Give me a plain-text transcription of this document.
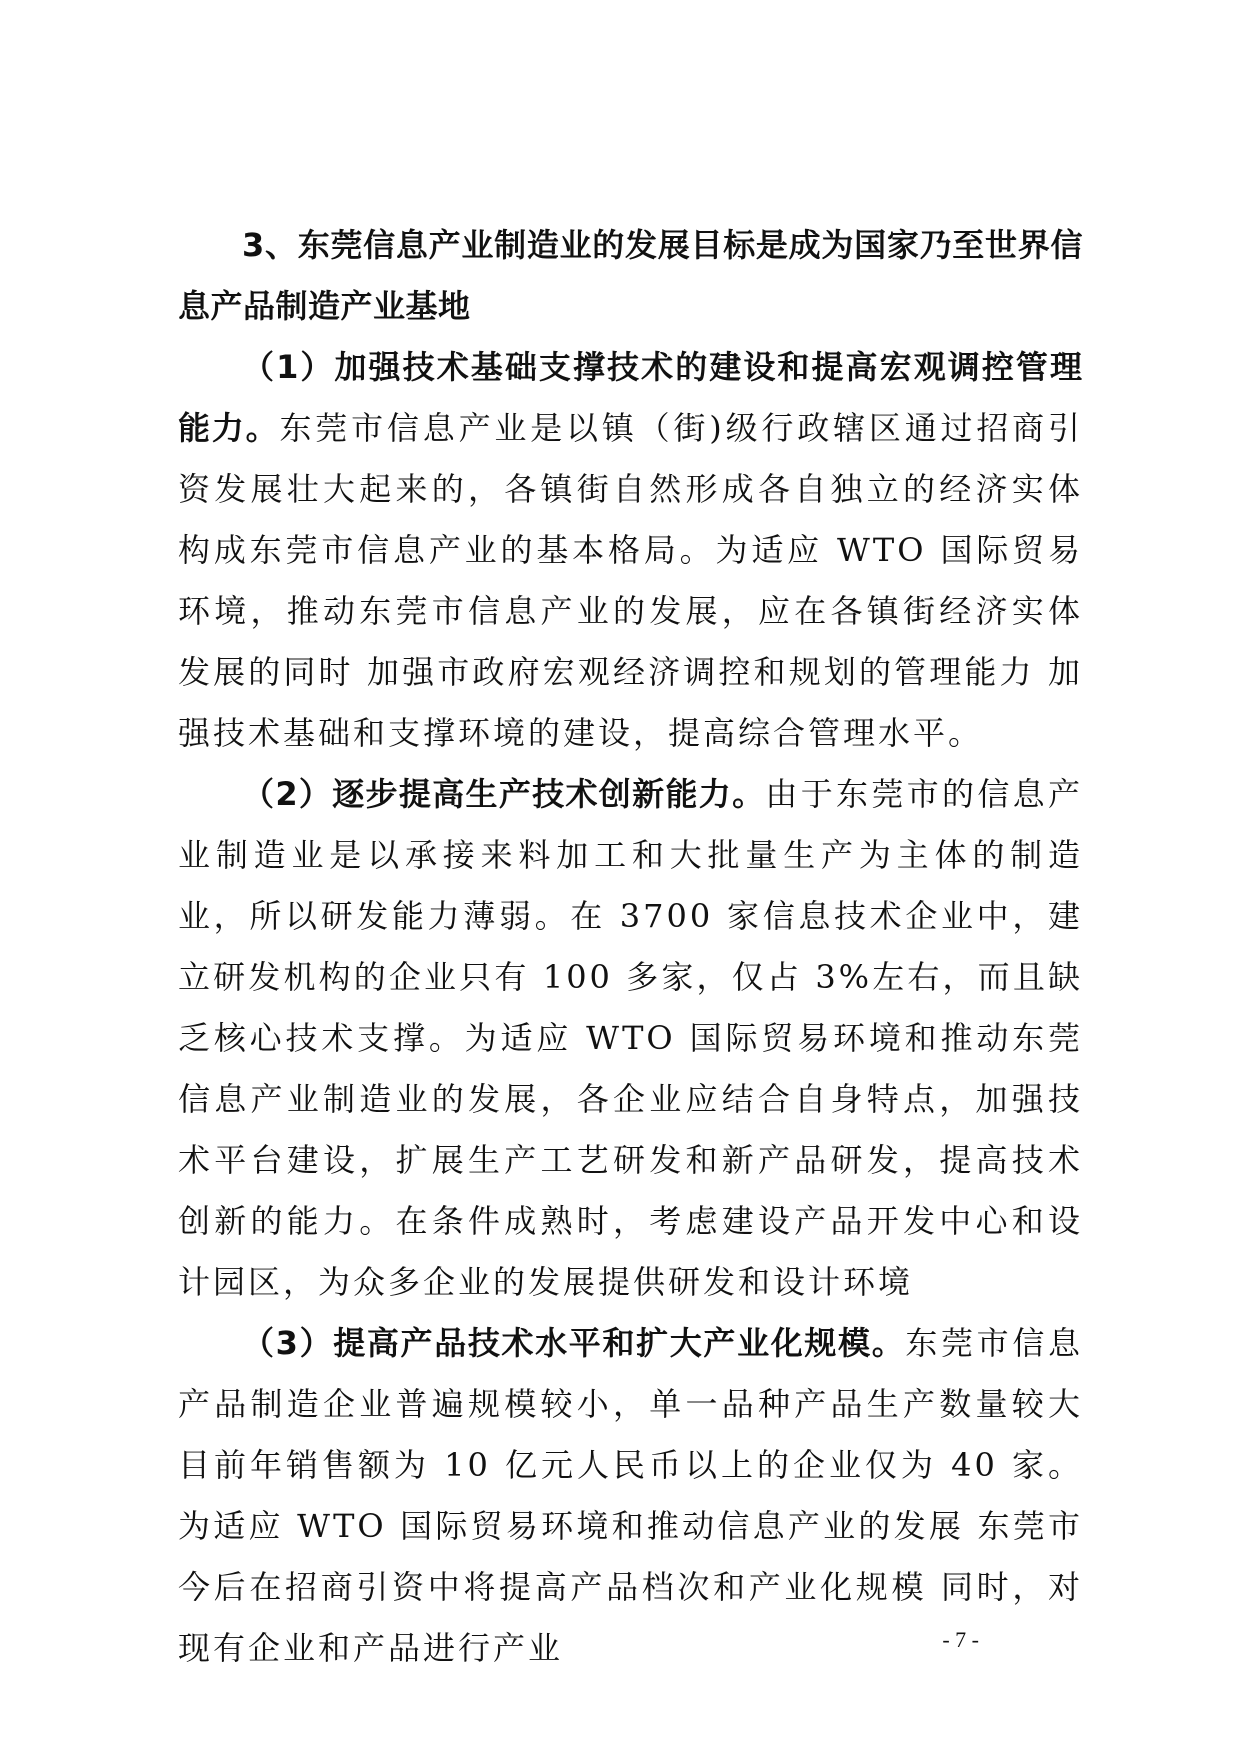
3、东莞信息产业制造业的发展目标是成为国家乃至世界信息产品制造产业基地

（1）加强技术基础支撑技术的建设和提高宏观调控管理能力。东莞市信息产业是以镇（街)级行政辖区通过招商引资发展壮大起来的，各镇街自然形成各自独立的经济实体 构成东莞市信息产业的基本格局。为适应 WTO 国际贸易环境，推动东莞市信息产业的发展，应在各镇街经济实体发展的同时 加强市政府宏观经济调控和规划的管理能力 加强技术基础和支撑环境的建设，提高综合管理水平。

（2）逐步提高生产技术创新能力。由于东莞市的信息产业制造业是以承接来料加工和大批量生产为主体的制造业，所以研发能力薄弱。在 3700 家信息技术企业中，建立研发机构的企业只有 100 多家，仅占 3%左右，而且缺乏核心技术支撑。为适应 WTO 国际贸易环境和推动东莞信息产业制造业的发展，各企业应结合自身特点，加强技术平台建设，扩展生产工艺研发和新产品研发，提高技术创新的能力。在条件成熟时，考虑建设产品开发中心和设计园区，为众多企业的发展提供研发和设计环境

（3）提高产品技术水平和扩大产业化规模。东莞市信息产品制造企业普遍规模较小，单一品种产品生产数量较大 目前年销售额为 10 亿元人民币以上的企业仅为 40 家。为适应 WTO 国际贸易环境和推动信息产业的发展 东莞市今后在招商引资中将提高产品档次和产业化规模 同时，对现有企业和产品进行产业	- 7 -
